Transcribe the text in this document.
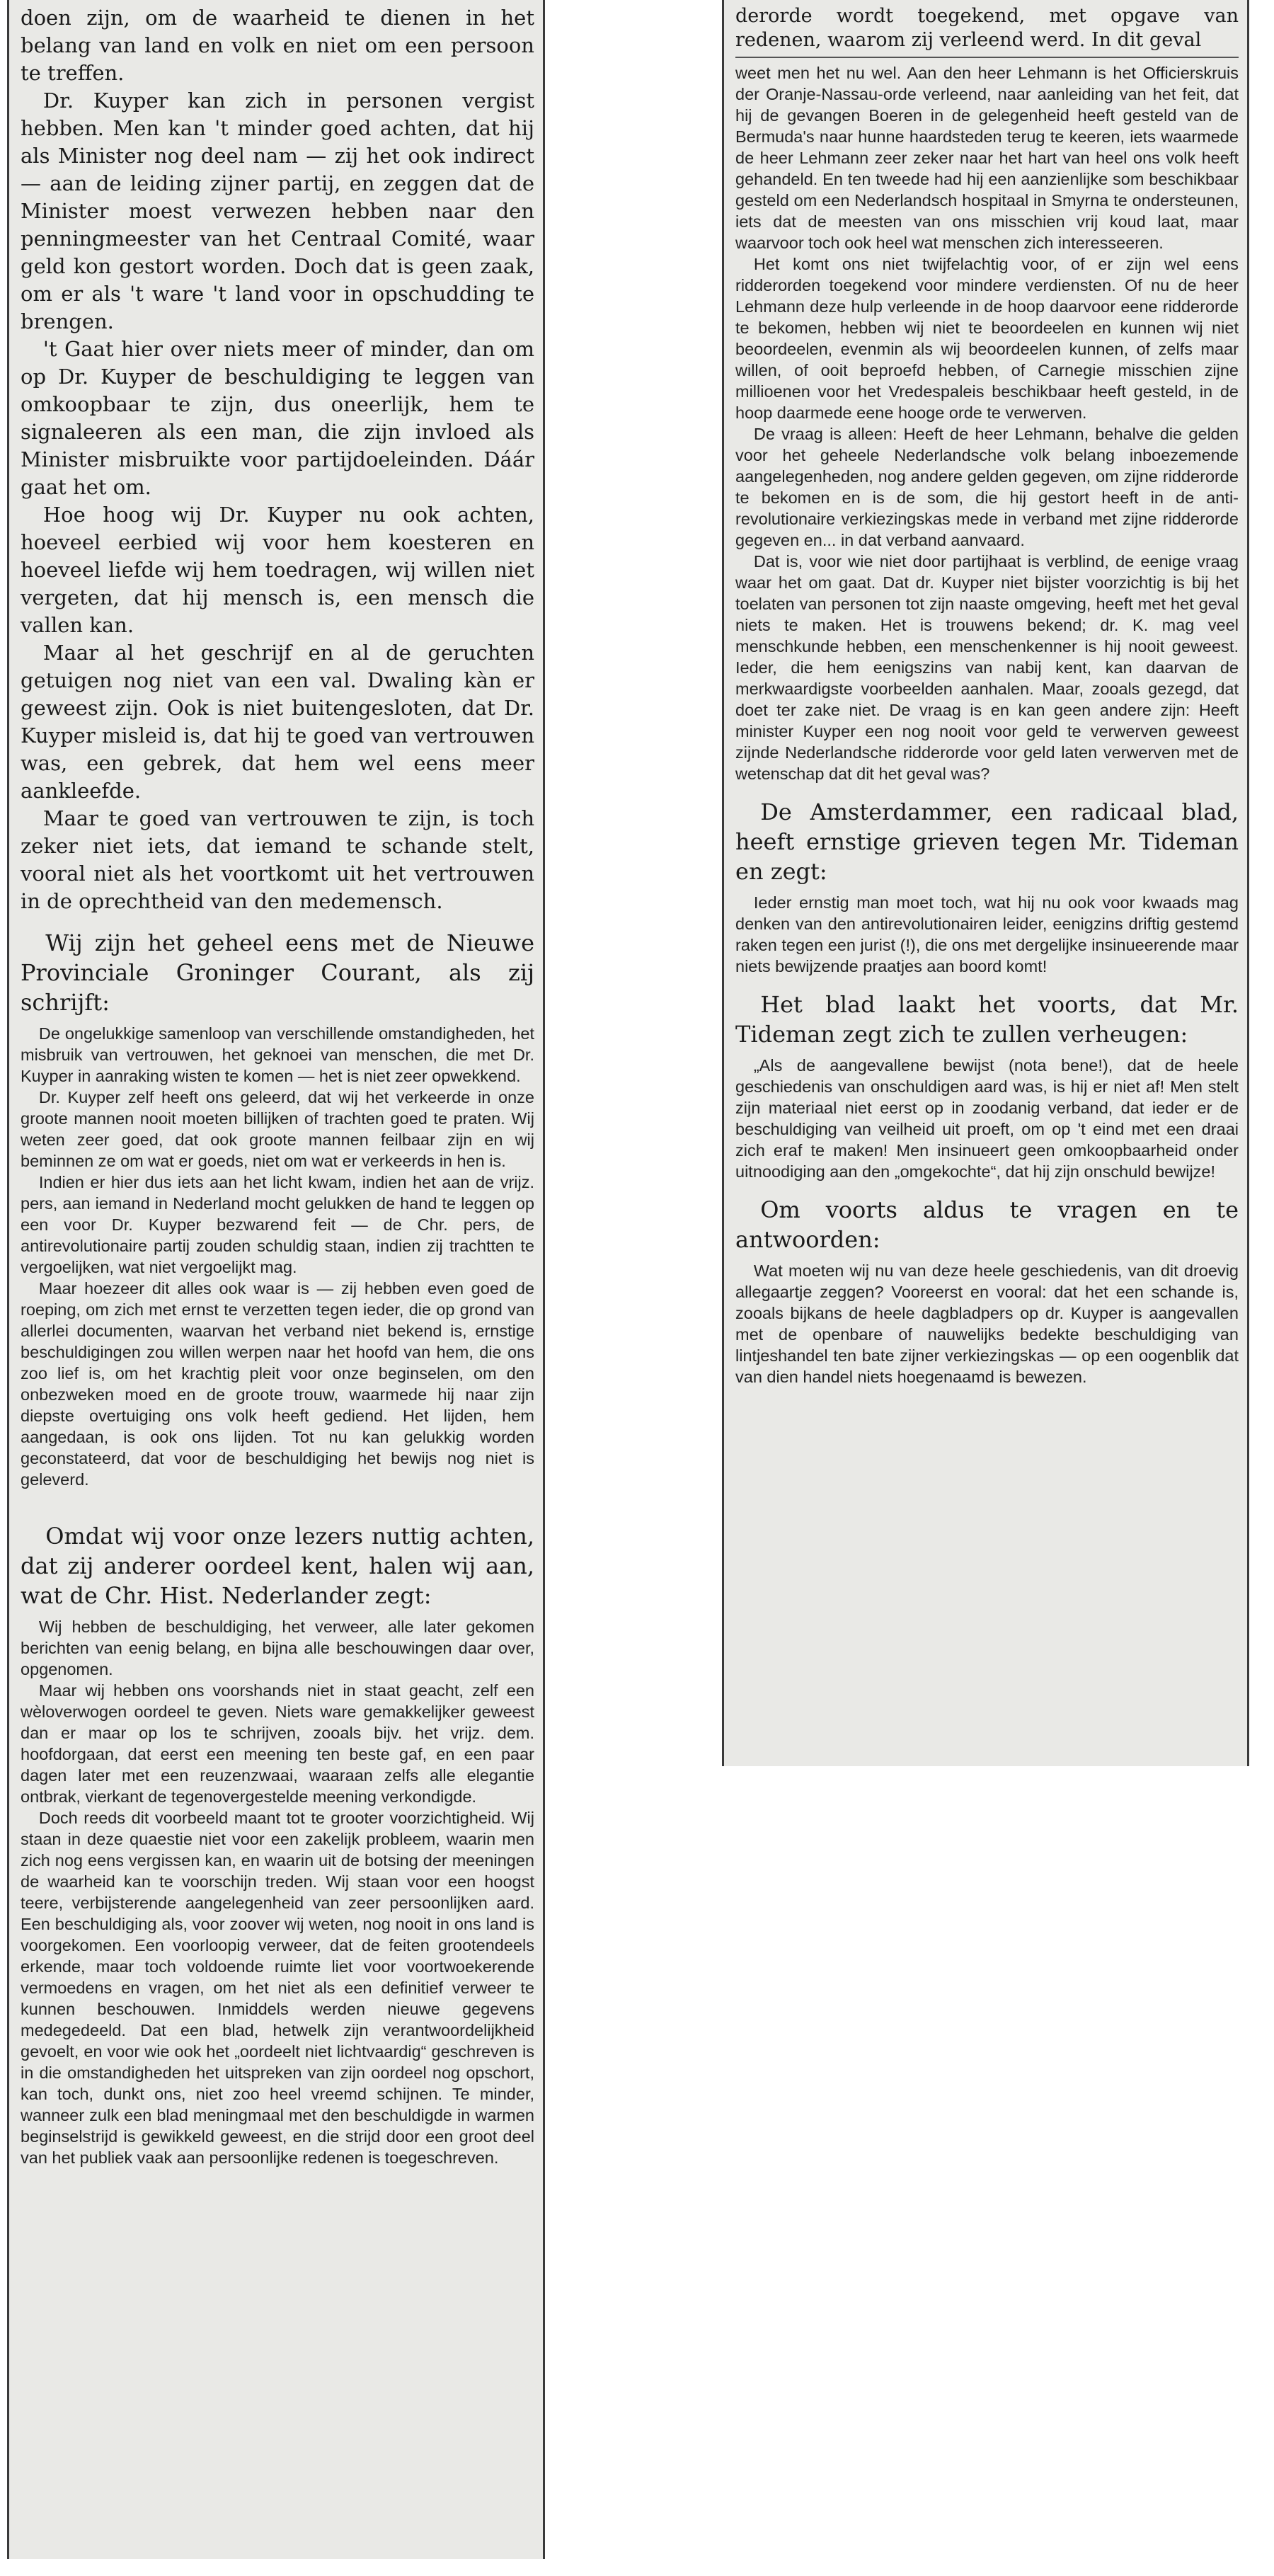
doen zijn, om de waarheid te dienen in het belang van land en volk en niet om een persoon te treffen.

Dr. Kuyper kan zich in personen vergist hebben. Men kan 't minder goed achten, dat hij als Minister nog deel nam — zij het ook indirect — aan de leiding zijner partij, en zeggen dat de Minister moest verwezen hebben naar den penningmeester van het Centraal Comité, waar geld kon gestort worden. Doch dat is geen zaak, om er als 't ware 't land voor in opschudding te brengen.

't Gaat hier over niets meer of minder, dan om op Dr. Kuyper de beschuldiging te leggen van omkoopbaar te zijn, dus oneerlijk, hem te signaleeren als een man, die zijn invloed als Minister misbruikte voor partijdoeleinden. Dáár gaat het om.

Hoe hoog wij Dr. Kuyper nu ook achten, hoeveel eerbied wij voor hem koesteren en hoeveel liefde wij hem toedragen, wij willen niet vergeten, dat hij mensch is, een mensch die vallen kan.

Maar al het geschrijf en al de geruchten getuigen nog niet van een val. Dwaling kàn er geweest zijn. Ook is niet buitengesloten, dat Dr. Kuyper misleid is, dat hij te goed van vertrouwen was, een gebrek, dat hem wel eens meer aankleefde.

Maar te goed van vertrouwen te zijn, is toch zeker niet iets, dat iemand te schande stelt, vooral niet als het voortkomt uit het vertrouwen in de oprechtheid van den medemensch.

Wij zijn het geheel eens met de Nieuwe Provinciale Groninger Courant, als zij schrijft:

De ongelukkige samenloop van verschillende omstandigheden, het misbruik van vertrouwen, het geknoei van menschen, die met Dr. Kuyper in aanraking wisten te komen — het is niet zeer opwekkend.

Dr. Kuyper zelf heeft ons geleerd, dat wij het verkeerde in onze groote mannen nooit moeten billijken of trachten goed te praten. Wij weten zeer goed, dat ook groote mannen feilbaar zijn en wij beminnen ze om wat er goeds, niet om wat er verkeerds in hen is.

Indien er hier dus iets aan het licht kwam, indien het aan de vrijz. pers, aan iemand in Nederland mocht gelukken de hand te leggen op een voor Dr. Kuyper bezwarend feit — de Chr. pers, de antirevolutionaire partij zouden schuldig staan, indien zij trachtten te vergoelijken, wat niet vergoelijkt mag.

Maar hoezeer dit alles ook waar is — zij hebben even goed de roeping, om zich met ernst te verzetten tegen ieder, die op grond van allerlei documenten, waarvan het verband niet bekend is, ernstige beschuldigingen zou willen werpen naar het hoofd van hem, die ons zoo lief is, om het krachtig pleit voor onze beginselen, om den onbezweken moed en de groote trouw, waarmede hij naar zijn diepste overtuiging ons volk heeft gediend. Het lijden, hem aangedaan, is ook ons lijden. Tot nu kan gelukkig worden geconstateerd, dat voor de beschuldiging het bewijs nog niet is geleverd.

Omdat wij voor onze lezers nuttig achten, dat zij anderer oordeel kent, halen wij aan, wat de Chr. Hist. Nederlander zegt:

Wij hebben de beschuldiging, het verweer, alle later gekomen berichten van eenig belang, en bijna alle beschouwingen daar over, opgenomen.

Maar wij hebben ons voorshands niet in staat geacht, zelf een wèloverwogen oordeel te geven. Niets ware gemakkelijker geweest dan er maar op los te schrijven, zooals bijv. het vrijz. dem. hoofdorgaan, dat eerst een meening ten beste gaf, en een paar dagen later met een reuzenzwaai, waaraan zelfs alle elegantie ontbrak, vierkant de tegenovergestelde meening verkondigde.

Doch reeds dit voorbeeld maant tot te grooter voorzichtigheid. Wij staan in deze quaestie niet voor een zakelijk probleem, waarin men zich nog eens vergissen kan, en waarin uit de botsing der meeningen de waarheid kan te voorschijn treden. Wij staan voor een hoogst teere, verbijsterende aangelegenheid van zeer persoonlijken aard. Een beschuldiging als, voor zoover wij weten, nog nooit in ons land is voorgekomen. Een voorloopig verweer, dat de feiten grootendeels erkende, maar toch voldoende ruimte liet voor voortwoekerende vermoedens en vragen, om het niet als een definitief verweer te kunnen beschouwen. Inmiddels werden nieuwe gegevens medegedeeld. Dat een blad, hetwelk zijn verantwoordelijkheid gevoelt, en voor wie ook het „oordeelt niet lichtvaardig“ geschreven is in die omstandigheden het uitspreken van zijn oordeel nog opschort, kan toch, dunkt ons, niet zoo heel vreemd schijnen. Te minder, wanneer zulk een blad meningmaal met den beschuldigde in warmen beginselstrijd is gewikkeld geweest, en die strijd door een groot deel van het publiek vaak aan persoonlijke redenen is toegeschreven.

derorde wordt toegekend, met opgave van redenen, waarom zij verleend werd. In dit geval

weet men het nu wel. Aan den heer Lehmann is het Officierskruis der Oranje-Nassau-orde verleend, naar aanleiding van het feit, dat hij de gevangen Boeren in de gelegenheid heeft gesteld van de Bermuda's naar hunne haardsteden terug te keeren, iets waarmede de heer Lehmann zeer zeker naar het hart van heel ons volk heeft gehandeld. En ten tweede had hij een aanzienlijke som beschikbaar gesteld om een Nederlandsch hospitaal in Smyrna te ondersteunen, iets dat de meesten van ons misschien vrij koud laat, maar waarvoor toch ook heel wat menschen zich interesseeren.

Het komt ons niet twijfelachtig voor, of er zijn wel eens ridderorden toegekend voor mindere verdiensten. Of nu de heer Lehmann deze hulp verleende in de hoop daarvoor eene ridderorde te bekomen, hebben wij niet te beoordeelen en kunnen wij niet beoordeelen, evenmin als wij beoordeelen kunnen, of zelfs maar willen, of ooit beproefd hebben, of Carnegie misschien zijne millioenen voor het Vredespaleis beschikbaar heeft gesteld, in de hoop daarmede eene hooge orde te verwerven.

De vraag is alleen: Heeft de heer Lehmann, behalve die gelden voor het geheele Nederlandsche volk belang inboezemende aangelegenheden, nog andere gelden gegeven, om zijne ridderorde te bekomen en is de som, die hij gestort heeft in de anti-revolutionaire verkiezingskas mede in verband met zijne ridderorde gegeven en... in dat verband aanvaard.

Dat is, voor wie niet door partijhaat is verblind, de eenige vraag waar het om gaat. Dat dr. Kuyper niet bijster voorzichtig is bij het toelaten van personen tot zijn naaste omgeving, heeft met het geval niets te maken. Het is trouwens bekend; dr. K. mag veel menschkunde hebben, een menschenkenner is hij nooit geweest. Ieder, die hem eenigszins van nabij kent, kan daarvan de merkwaardigste voorbeelden aanhalen. Maar, zooals gezegd, dat doet ter zake niet. De vraag is en kan geen andere zijn: Heeft minister Kuyper een nog nooit voor geld te verwerven geweest zijnde Nederlandsche ridderorde voor geld laten verwerven met de wetenschap dat dit het geval was?

De Amsterdammer, een radicaal blad, heeft ernstige grieven tegen Mr. Tideman en zegt:

Ieder ernstig man moet toch, wat hij nu ook voor kwaads mag denken van den antirevolutionairen leider, eenigzins driftig gestemd raken tegen een jurist (!), die ons met dergelijke insinueerende maar niets bewijzende praatjes aan boord komt!

Het blad laakt het voorts, dat Mr. Tideman zegt zich te zullen verheugen:

„Als de aangevallene bewijst (nota bene!), dat de heele geschiedenis van onschuldigen aard was, is hij er niet af! Men stelt zijn materiaal niet eerst op in zoodanig verband, dat ieder er de beschuldiging van veilheid uit proeft, om op 't eind met een draai zich eraf te maken! Men insinueert geen omkoopbaarheid onder uitnoodiging aan den „omgekochte“, dat hij zijn onschuld bewijze!

Om voorts aldus te vragen en te antwoorden:

Wat moeten wij nu van deze heele geschiedenis, van dit droevig allegaartje zeggen? Vooreerst en vooral: dat het een schande is, zooals bijkans de heele dagbladpers op dr. Kuyper is aangevallen met de openbare of nauwelijks bedekte beschuldiging van lintjeshandel ten bate zijner verkiezingskas — op een oogenblik dat van dien handel niets hoegenaamd is bewezen.
